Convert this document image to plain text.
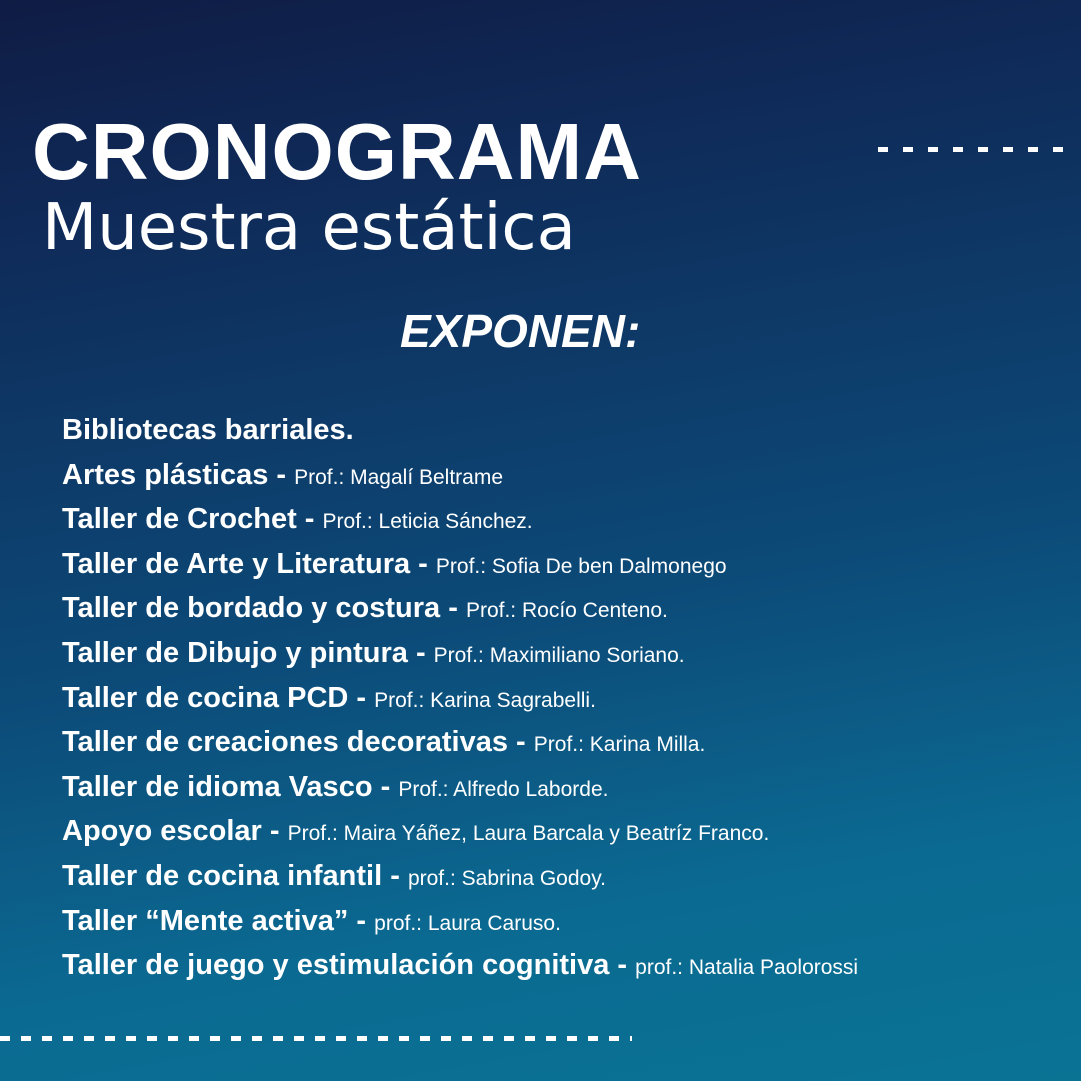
CRONOGRAMA
Muestra estática
EXPONEN:
Bibliotecas barriales.
Artes plásticas - Prof.: Magalí Beltrame
Taller de Crochet - Prof.: Leticia Sánchez.
Taller de Arte y Literatura - Prof.: Sofia De ben Dalmonego
Taller de bordado y costura - Prof.: Rocío Centeno.
Taller de Dibujo y pintura - Prof.: Maximiliano Soriano.
Taller de cocina PCD - Prof.: Karina Sagrabelli.
Taller de creaciones decorativas - Prof.: Karina Milla.
Taller de idioma Vasco - Prof.: Alfredo Laborde.
Apoyo escolar - Prof.: Maira Yáñez, Laura Barcala y Beatríz Franco.
Taller de cocina infantil - prof.: Sabrina Godoy.
Taller “Mente activa” - prof.: Laura Caruso.
Taller de juego y estimulación cognitiva - prof.: Natalia Paolorossi
